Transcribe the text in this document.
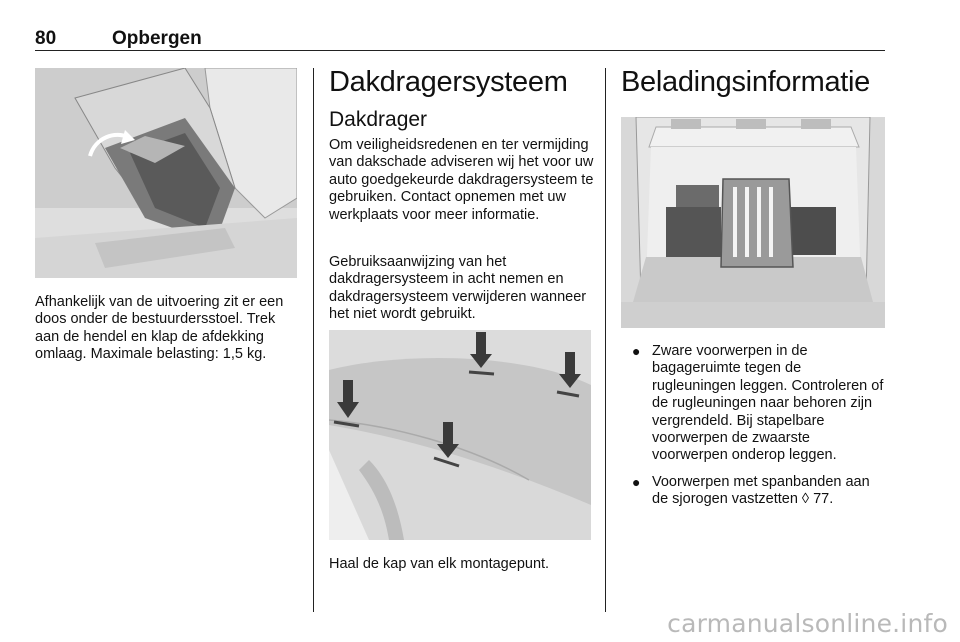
80	Opbergen

Afhankelijk van de uitvoering zit er een doos onder de bestuurdersstoel. Trek aan de hendel en klap de afdekking omlaag. Maximale belasting: 1,5 kg.

Dakdragersysteem
Dakdrager

Om veiligheidsredenen en ter vermijding van dakschade adviseren wij het voor uw auto goedgekeurde dakdragersysteem te gebruiken. Contact opnemen met uw werkplaats voor meer informatie.

Gebruiksaanwijzing van het dakdragersysteem in acht nemen en dakdragersysteem verwijderen wanneer het niet wordt gebruikt.

Haal de kap van elk montagepunt.

Beladingsinformatie
● Zware voorwerpen in de bagageruimte tegen de rugleuningen leggen. Controleren of de rugleuningen naar behoren zijn vergrendeld. Bij stapelbare voorwerpen de zwaarste voorwerpen onderop leggen.
● Voorwerpen met spanbanden aan de sjorogen vastzetten ◊ 77.
carmanualsonline.info
